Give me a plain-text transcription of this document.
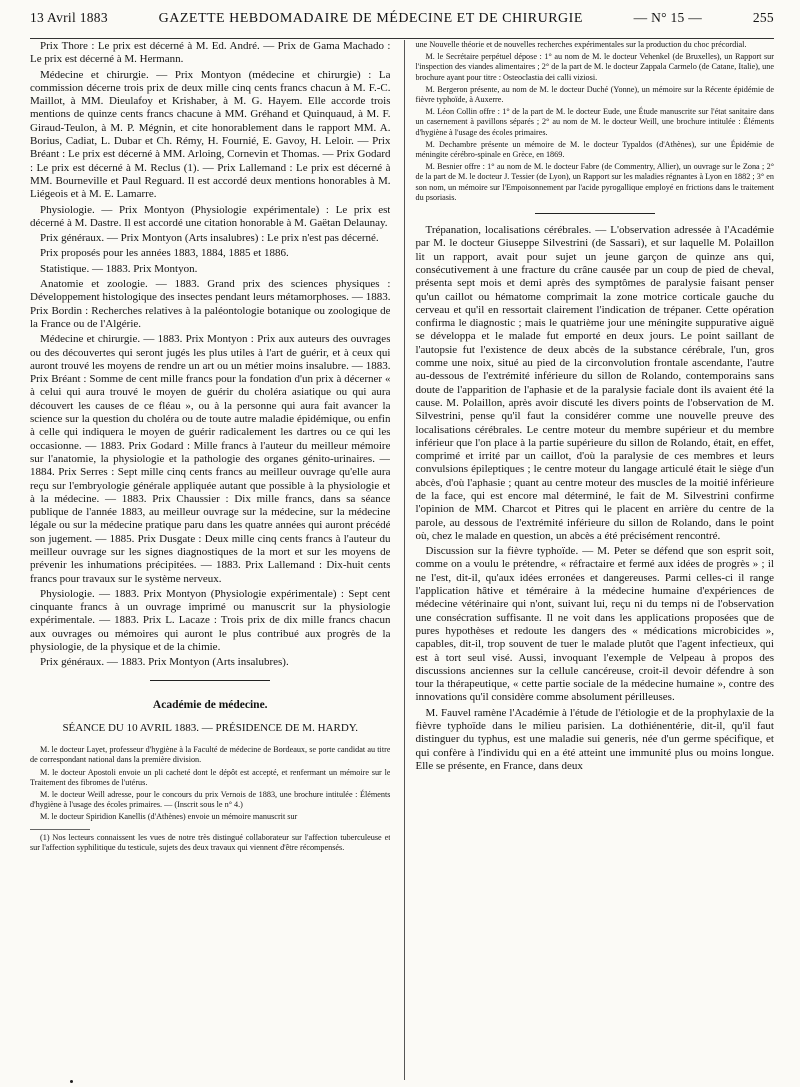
13 Avril 1883	GAZETTE HEBDOMADAIRE DE MÉDECINE ET DE CHIRURGIE	— N° 15 —	255

Prix Thore : Le prix est décerné à M. Ed. André. — Prix de Gama Machado : Le prix est décerné à M. Hermann.

Médecine et chirurgie. — Prix Montyon (médecine et chirurgie) : La commission décerne trois prix de deux mille cinq cents francs chacun à M. F.-C. Maillot, à MM. Dieulafoy et Krishaber, à M. G. Hayem. Elle accorde trois mentions de quinze cents francs chacune à MM. Gréhand et Quinquaud, à M. F. Giraud-Teulon, à M. P. Mégnin, et cite honorablement dans le rapport MM. A. Borius, Cadiat, L. Dubar et Ch. Rémy, H. Fournié, E. Gavoy, H. Leloir. — Prix Bréant : Le prix est décerné à MM. Arloing, Cornevin et Thomas. — Prix Godard : Le prix est décerné à M. Reclus (1). — Prix Lallemand : Le prix est décerné à MM. Bourneville et Paul Reguard. Il est accordé deux mentions honorables à M. Liégeois et à M. E. Lamarre.

Physiologie. — Prix Montyon (Physiologie expérimentale) : Le prix est décerné à M. Dastre. Il est accordé une citation honorable à M. Gaëtan Delaunay.

Prix généraux. — Prix Montyon (Arts insalubres) : Le prix n'est pas décerné.

Prix proposés pour les années 1883, 1884, 1885 et 1886.

Statistique. — 1883. Prix Montyon.

Anatomie et zoologie. — 1883. Grand prix des sciences physiques : Développement histologique des insectes pendant leurs métamorphoses. — 1883. Prix Bordin : Recherches relatives à la paléontologie botanique ou zoologique de la France ou de l'Algérie.

Médecine et chirurgie. — 1883. Prix Montyon : Prix aux auteurs des ouvrages ou des découvertes qui seront jugés les plus utiles à l'art de guérir, et à ceux qui auront trouvé les moyens de rendre un art ou un métier moins insalubre. — 1883. Prix Bréant : Somme de cent mille francs pour la fondation d'un prix à décerner « à celui qui aura trouvé le moyen de guérir du choléra asiatique ou qui aura découvert les causes de ce fléau », ou à la personne qui aura fait avancer la science sur la question du choléra ou de toute autre maladie épidémique, ou enfin à celle qui indiquera le moyen de guérir radicalement les dartres ou ce qui les occasionne. — 1883. Prix Godard : Mille francs à l'auteur du meilleur mémoire sur l'anatomie, la physiologie et la pathologie des organes génito-urinaires. — 1884. Prix Serres : Sept mille cinq cents francs au meilleur ouvrage qu'elle aura reçu sur l'embryologie générale appliquée autant que possible à la physiologie et à la médecine. — 1883. Prix Chaussier : Dix mille francs, dans sa séance publique de l'année 1883, au meilleur ouvrage sur la médecine, sur la médecine légale ou sur la médecine pratique paru dans les quatre années qui auront précédé son jugement. — 1885. Prix Dusgate : Deux mille cinq cents francs à l'auteur du meilleur ouvrage sur les signes diagnostiques de la mort et sur les moyens de prévenir les inhumations précipitées. — 1883. Prix Lallemand : Dix-huit cents francs pour travaux sur le système nerveux.

Physiologie. — 1883. Prix Montyon (Physiologie expérimentale) : Sept cent cinquante francs à un ouvrage imprimé ou manuscrit sur la physiologie expérimentale. — 1883. Prix L. Lacaze : Trois prix de dix mille francs chacun aux ouvrages ou mémoires qui auront le plus contribué aux progrès de la physiologie, de la physique et de la chimie.

Prix généraux. — 1883. Prix Montyon (Arts insalubres).

Académie de médecine.
SÉANCE DU 10 AVRIL 1883. — PRÉSIDENCE DE M. HARDY.

M. le docteur Layet, professeur d'hygiène à la Faculté de médecine de Bordeaux, se porte candidat au titre de correspondant national dans la première division.

M. le docteur Apostoli envoie un pli cacheté dont le dépôt est accepté, et renfermant un mémoire sur le Traitement des fibromes de l'utérus.

M. le docteur Weill adresse, pour le concours du prix Vernois de 1883, une brochure intitulée : Éléments d'hygiène à l'usage des écoles primaires. — (Inscrit sous le n° 4.)

M. le docteur Spiridion Kanellis (d'Athènes) envoie un mémoire manuscrit sur

(1) Nos lecteurs connaissent les vues de notre très distingué collaborateur sur l'affection tuberculeuse et sur l'affection syphilitique du testicule, sujets des deux travaux qui viennent d'être récompensés.

une Nouvelle théorie et de nouvelles recherches expérimentales sur la production du choc précordial.

M. le Secrétaire perpétuel dépose : 1° au nom de M. le docteur Vehenkel (de Bruxelles), un Rapport sur l'inspection des viandes alimentaires ; 2° de la part de M. le docteur Zappala Carmelo (de Catane, Italie), une brochure ayant pour titre : Osteoclastia dei calli viziosi.

M. Bergeron présente, au nom de M. le docteur Duché (Yonne), un mémoire sur la Récente épidémie de fièvre typhoïde, à Auxerre.

M. Léon Collin offre : 1° de la part de M. le docteur Eude, une Étude manuscrite sur l'état sanitaire dans un casernement à pavillons séparés ; 2° au nom de M. le docteur Weill, une brochure intitulée : Éléments d'hygiène à l'usage des écoles primaires.

M. Dechambre présente un mémoire de M. le docteur Typaldos (d'Athènes), sur une Épidémie de méningite cérébro-spinale en Grèce, en 1869.

M. Besnier offre : 1° au nom de M. le docteur Fabre (de Commentry, Allier), un ouvrage sur le Zona ; 2° de la part de M. le docteur J. Tessier (de Lyon), un Rapport sur les maladies régnantes à Lyon en 1882 ; 3° en son nom, un mémoire sur l'Empoisonnement par l'acide pyrogallique employé en frictions dans le traitement du psoriasis.

Trépanation, localisations cérébrales. — L'observation adressée à l'Académie par M. le docteur Giuseppe Silvestrini (de Sassari), et sur laquelle M. Polaillon lit un rapport, avait pour sujet un jeune garçon de quinze ans qui, consécutivement à une fracture du crâne causée par un coup de pied de cheval, présenta sept mois et demi après des symptômes de paralysie faisant penser qu'un caillot ou hématome comprimait la zone motrice corticale gauche du cerveau et qu'il en ressortait clairement l'indication de trépaner. Cette opération confirma le diagnostic ; mais le quatrième jour une méningite suppurative aiguë se développa et le malade fut emporté en deux jours. Le point saillant de l'autopsie fut l'existence de deux abcès de la substance cérébrale, l'un, gros comme une noix, situé au pied de la circonvolution frontale ascendante, l'autre au-dessous de l'extrémité inférieure du sillon de Rolando, contemporains sans doute de l'apparition de l'aphasie et de la paralysie faciale dont ils avaient été la cause. M. Polaillon, après avoir discuté les divers points de l'observation de M. Silvestrini, pense qu'il faut la considérer comme une nouvelle preuve des localisations cérébrales. Le centre moteur du membre supérieur et du membre inférieur que l'on place à la partie supérieure du sillon de Rolando, était, en effet, comprimé et irrité par un caillot, d'où la paralysie de ces membres et leurs convulsions épileptiques ; le centre moteur du langage articulé était le siège d'un abcès, d'où l'aphasie ; quant au centre moteur des muscles de la moitié inférieure de la face, qui est encore mal déterminé, le fait de M. Silvestrini confirme l'opinion de MM. Charcot et Pitres qui le placent en arrière du centre de la parole, au dessous de l'extrémité inférieure du sillon de Rolando, dans le point où, chez le malade en question, un abcès a été précisément rencontré.

Discussion sur la fièvre typhoïde. — M. Peter se défend que son esprit soit, comme on a voulu le prétendre, « réfractaire et fermé aux idées de progrès » ; il ne l'est, dit-il, qu'aux idées erronées et dangereuses. Parmi celles-ci il range l'application hâtive et téméraire à la médecine humaine d'expériences de médecine vétérinaire qui n'ont, suivant lui, reçu ni du temps ni de l'observation une consécration suffisante. Il ne voit dans les applications proposées que de pures hypothèses et redoute les dangers des « médications microbicides », capables, dit-il, trop souvent de tuer le malade plutôt que l'agent infectieux, qui est à tort seul visé. Aussi, invoquant l'exemple de Velpeau à propos des discussions anciennes sur la cellule cancéreuse, croit-il devoir défendre à son tour la thérapeutique, « cette partie sociale de la médecine humaine », contre des innovations qu'il considère comme absolument périlleuses.

M. Fauvel ramène l'Académie à l'étude de l'étiologie et de la prophylaxie de la fièvre typhoïde dans le milieu parisien. La dothiénentérie, dit-il, qu'il faut distinguer du typhus, est une maladie sui generis, née d'un germe spécifique, et qui confère à l'individu qui en a été atteint une immunité plus ou moins longue. Elle se présente, en France, dans deux
